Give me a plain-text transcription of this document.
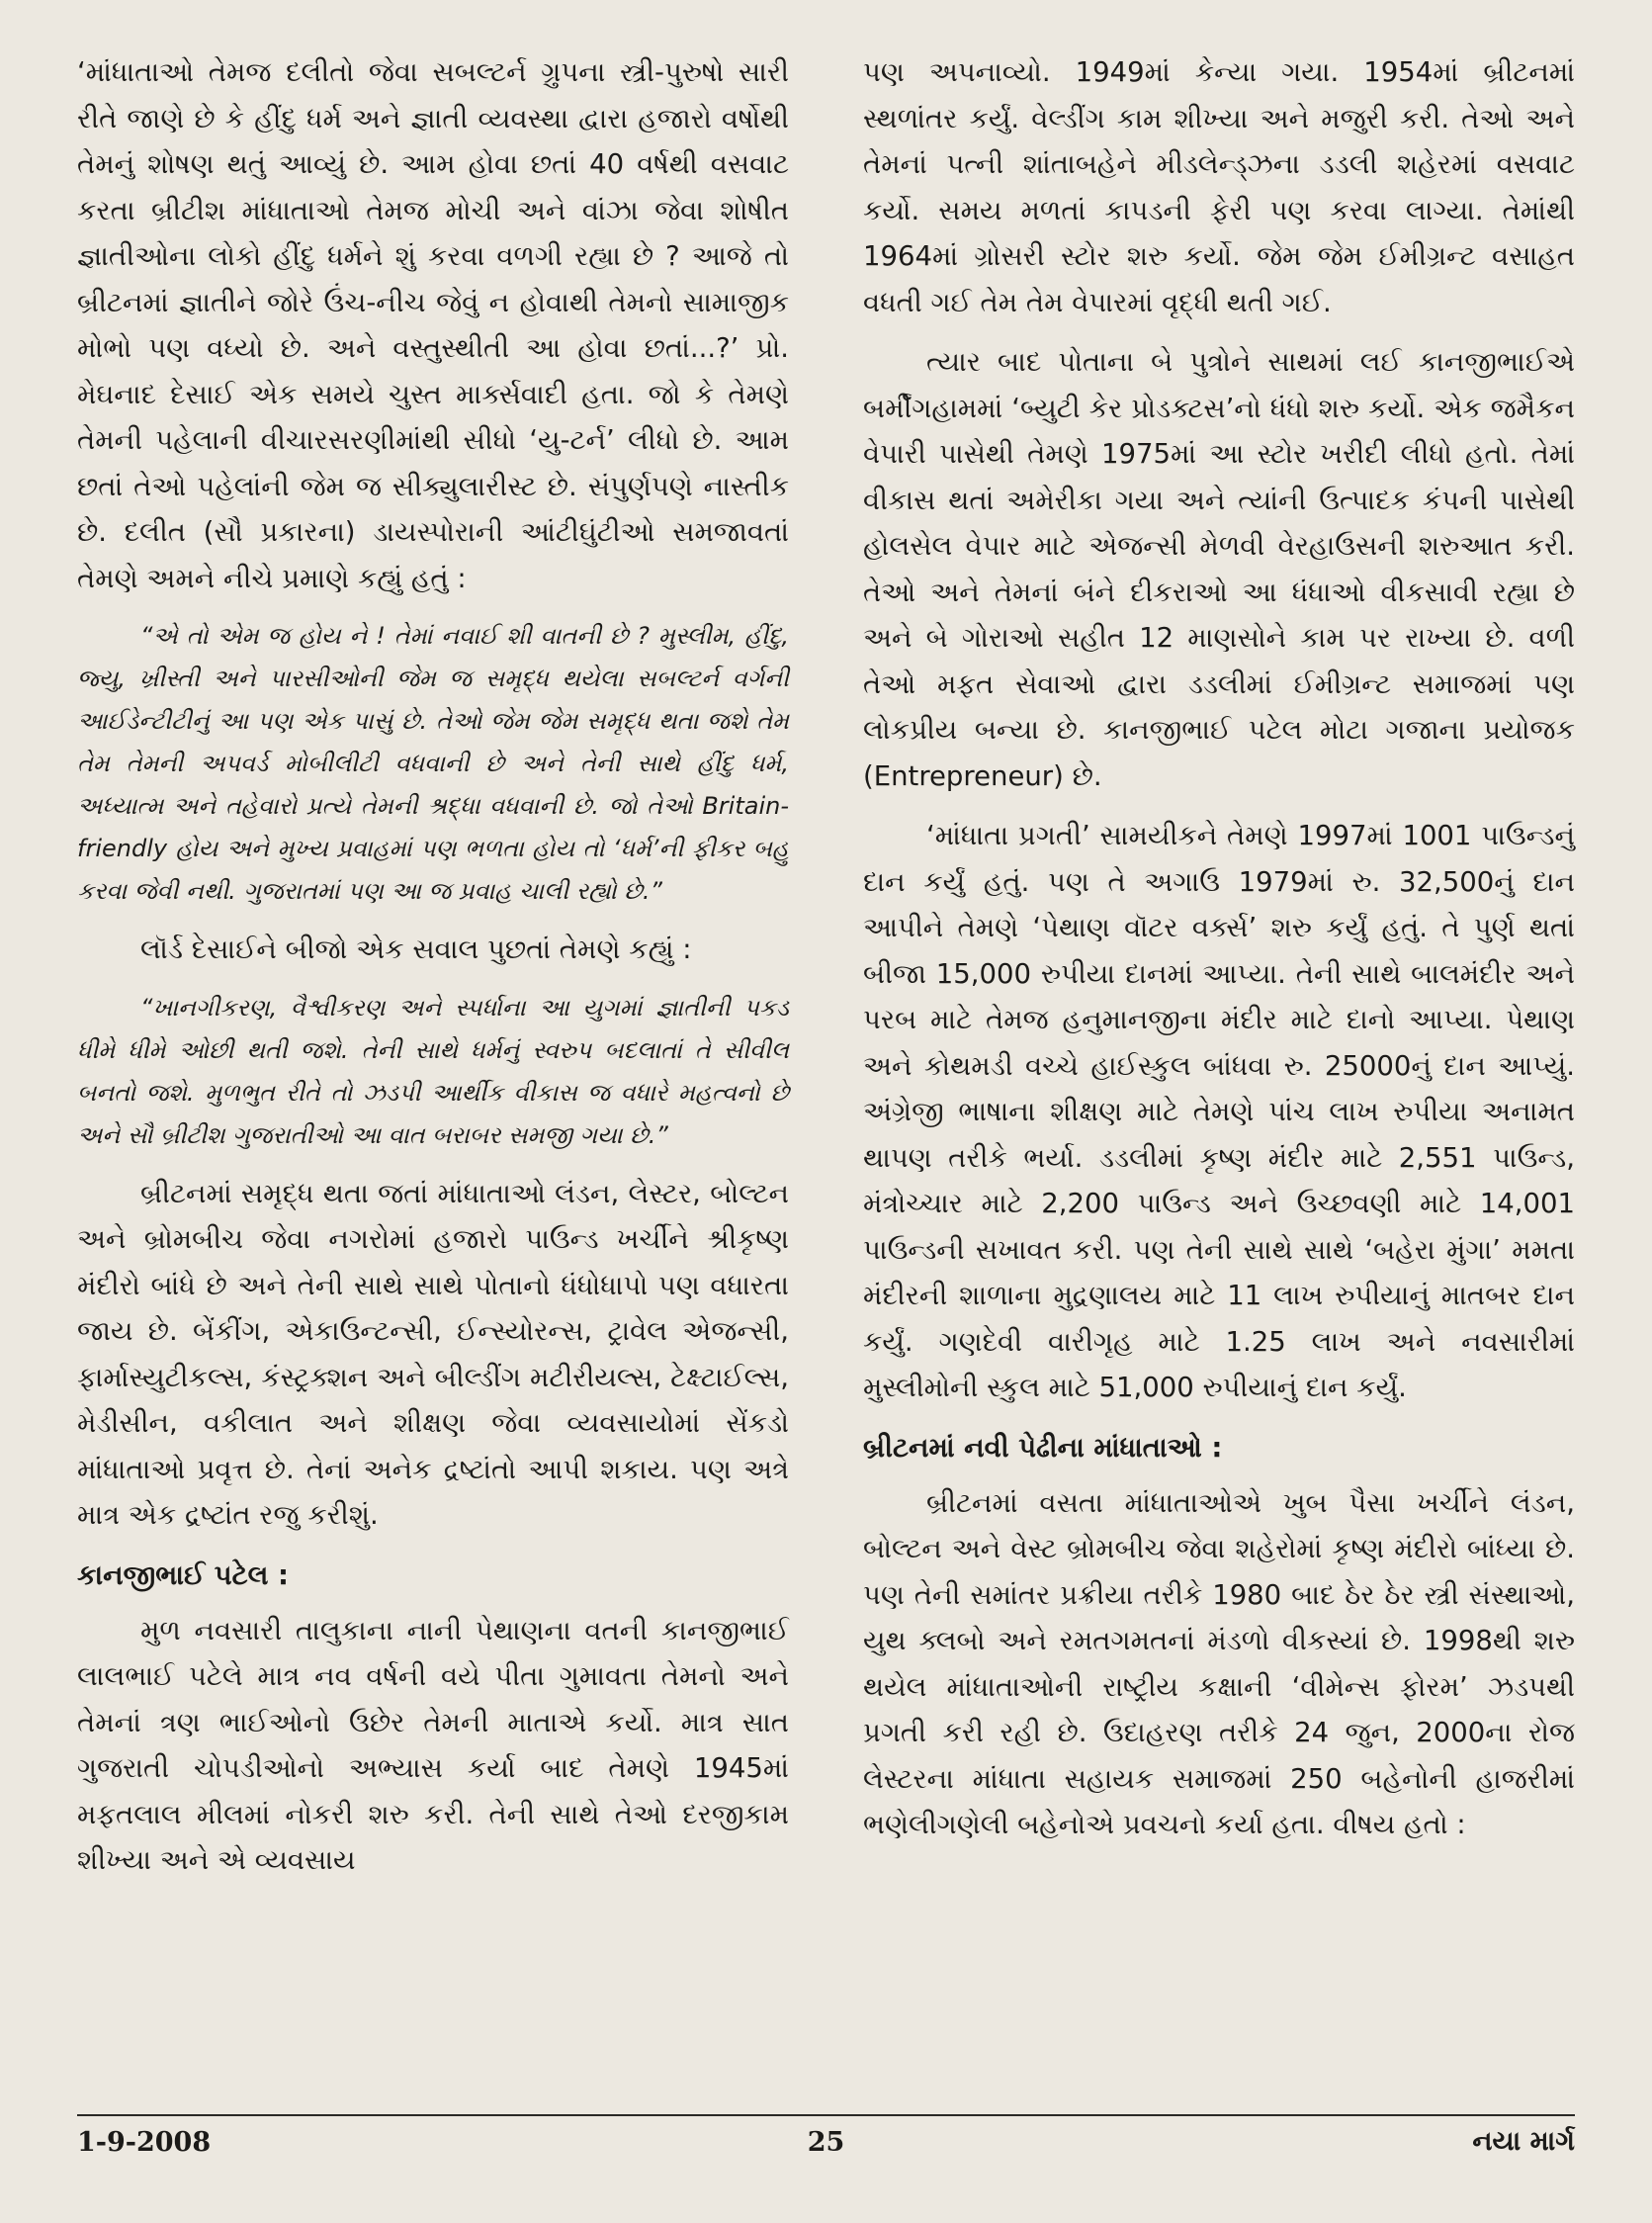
‘માંધાતાઓ તેમજ દલીતો જેવા સબલ્ટર્ન ગ્રુપના સ્ત્રી-પુરુષો સારી રીતે જાણે છે કે હીંદુ ધર્મ અને જ્ઞાતી વ્યવસ્થા દ્વારા હજારો વર્ષોથી તેમનું શોષણ થતું આવ્યું છે. આમ હોવા છતાં 40 વર્ષથી વસવાટ કરતા બ્રીટીશ માંધાતાઓ તેમજ મોચી અને વાંઝા જેવા શોષીત જ્ઞાતીઓના લોકો હીંદુ ધર્મને શું કરવા વળગી રહ્યા છે ? આજે તો બ્રીટનમાં જ્ઞાતીને જોરે ઉંચ-નીચ જેવું ન હોવાથી તેમનો સામાજીક મોભો પણ વધ્યો છે. અને વસ્તુસ્થીતી આ હોવા છતાં...?’ પ્રો. મેઘનાદ દેસાઈ એક સમયે ચુસ્ત માર્ક્સવાદી હતા. જો કે તેમણે તેમની પહેલાની વીચારસરણીમાંથી સીધો ‘યુ-ટર્ન’ લીધો છે. આમ છતાં તેઓ પહેલાંની જેમ જ સીક્યુલારીસ્ટ છે. સંપુર્ણપણે નાસ્તીક છે. દલીત (સૌ પ્રકારના) ડાયસ્પોરાની આંટીઘુંટીઓ સમજાવતાં તેમણે અમને નીચે પ્રમાણે કહ્યું હતું :

“એ તો એમ જ હોય ને ! તેમાં નવાઈ શી વાતની છે ? મુસ્લીમ, હીંદુ, જ્યુ, ખ્રીસ્તી અને પારસીઓની જેમ જ સમૃદ્ધ થયેલા સબલ્ટર્ન વર્ગની આઈડેન્ટીટીનું આ પણ એક પાસું છે. તેઓ જેમ જેમ સમૃદ્ધ થતા જશે તેમ તેમ તેમની અપવર્ડ મોબીલીટી વધવાની છે અને તેની સાથે હીંદુ ધર્મ, અધ્યાત્મ અને તહેવારો પ્રત્યે તેમની શ્રદ્ધા વધવાની છે. જો તેઓ Britain- friendly હોય અને મુખ્ય પ્રવાહમાં પણ ભળતા હોય તો ‘ધર્મ’ની ફીકર બહુ કરવા જેવી નથી. ગુજરાતમાં પણ આ જ પ્રવાહ ચાલી રહ્યો છે.”

લૉર્ડ દેસાઈને બીજો એક સવાલ પુછતાં તેમણે કહ્યું :

“ખાનગીકરણ, વૈશ્વીકરણ અને સ્પર્ધાના આ યુગમાં જ્ઞાતીની પકડ ધીમે ધીમે ઓછી થતી જશે. તેની સાથે ધર્મનું સ્વરુપ બદલાતાં તે સીવીલ બનતો જશે. મુળભુત રીતે તો ઝડપી આર્થીક વીકાસ જ વધારે મહત્વનો છે અને સૌ બ્રીટીશ ગુજરાતીઓ આ વાત બરાબર સમજી ગયા છે.”

બ્રીટનમાં સમૃદ્ધ થતા જતાં માંધાતાઓ લંડન, લેસ્ટર, બોલ્ટન અને બ્રોમબીચ જેવા નગરોમાં હજારો પાઉન્ડ ખર્ચીને શ્રીકૃષ્ણ મંદીરો બાંધે છે અને તેની સાથે સાથે પોતાનો ધંધોધાપો પણ વધારતા જાય છે. બેંકીંગ, એકાઉન્ટન્સી, ઈન્સ્યોરન્સ, ટ્રાવેલ એજન્સી, ફાર્માસ્યુટીકલ્સ, કંસ્ટ્રક્શન અને બીલ્ડીંગ મટીરીયલ્સ, ટેક્ષ્ટાઈલ્સ, મેડીસીન, વકીલાત અને શીક્ષણ જેવા વ્યવસાયોમાં સેંકડો માંધાતાઓ પ્રવૃત્ત છે. તેનાં અનેક દ્રષ્ટાંતો આપી શકાય. પણ અત્રે માત્ર એક દ્રષ્ટાંત રજુ કરીશું.

કાનજીભાઈ પટેલ :

મુળ નવસારી તાલુકાના નાની પેથાણના વતની કાનજીભાઈ લાલભાઈ પટેલે માત્ર નવ વર્ષની વયે પીતા ગુમાવતા તેમનો અને તેમનાં ત્રણ ભાઈઓનો ઉછેર તેમની માતાએ કર્યો. માત્ર સાત ગુજરાતી ચોપડીઓનો અભ્યાસ કર્યા બાદ તેમણે 1945માં મફતલાલ મીલમાં નોકરી શરુ કરી. તેની સાથે તેઓ દરજીકામ શીખ્યા અને એ વ્યવસાય

પણ અપનાવ્યો. 1949માં કેન્યા ગયા. 1954માં બ્રીટનમાં સ્થળાંતર કર્યું. વેલ્ડીંગ કામ શીખ્યા અને મજુરી કરી. તેઓ અને તેમનાં પત્ની શાંતાબહેને મીડલેન્ડ્ઝના ડડલી શહેરમાં વસવાટ કર્યો. સમય મળતાં કાપડની ફેરી પણ કરવા લાગ્યા. તેમાંથી 1964માં ગ્રોસરી સ્ટોર શરુ કર્યો. જેમ જેમ ઈમીગ્રન્ટ વસાહત વધતી ગઈ તેમ તેમ વેપારમાં વૃદ્ધી થતી ગઈ.

ત્યાર બાદ પોતાના બે પુત્રોને સાથમાં લઈ કાનજીભાઈએ બર્મીંગહામમાં ‘બ્યુટી કેર પ્રોડક્ટસ’નો ધંધો શરુ કર્યો. એક જમૈકન વેપારી પાસેથી તેમણે 1975માં આ સ્ટોર ખરીદી લીધો હતો. તેમાં વીકાસ થતાં અમેરીકા ગયા અને ત્યાંની ઉત્પાદક કંપની પાસેથી હોલસેલ વેપાર માટે એજન્સી મેળવી વેરહાઉસની શરુઆત કરી. તેઓ અને તેમનાં બંને દીકરાઓ આ ધંધાઓ વીકસાવી રહ્યા છે અને બે ગોરાઓ સહીત 12 માણસોને કામ પર રાખ્યા છે. વળી તેઓ મફત સેવાઓ દ્વારા ડડલીમાં ઈમીગ્રન્ટ સમાજમાં પણ લોકપ્રીય બન્યા છે. કાનજીભાઈ પટેલ મોટા ગજાના પ્રયોજક (Entrepreneur) છે.

‘માંધાતા પ્રગતી’ સામયીકને તેમણે 1997માં 1001 પાઉન્ડનું દાન કર્યું હતું. પણ તે અગાઉ 1979માં રુ. 32,500નું દાન આપીને તેમણે ‘પેથાણ વૉટર વર્ક્સ’ શરુ કર્યું હતું. તે પુર્ણ થતાં બીજા 15,000 રુપીયા દાનમાં આપ્યા. તેની સાથે બાલમંદીર અને પરબ માટે તેમજ હનુમાનજીના મંદીર માટે દાનો આપ્યા. પેથાણ અને કોથમડી વચ્ચે હાઈસ્કુલ બાંધવા રુ. 25000નું દાન આપ્યું. અંગ્રેજી ભાષાના શીક્ષણ માટે તેમણે પાંચ લાખ રુપીયા અનામત થાપણ તરીકે ભર્યા. ડડલીમાં કૃષ્ણ મંદીર માટે 2,551 પાઉન્ડ, મંત્રોચ્ચાર માટે 2,200 પાઉન્ડ અને ઉચ્છવણી માટે 14,001 પાઉન્ડની સખાવત કરી. પણ તેની સાથે સાથે ‘બહેરા મુંગા’ મમતા મંદીરની શાળાના મુદ્રણાલય માટે 11 લાખ રુપીયાનું માતબર દાન કર્યું. ગણદેવી વારીગૃહ માટે 1.25 લાખ અને નવસારીમાં મુસ્લીમોની સ્કુલ માટે 51,000 રુપીયાનું દાન કર્યું.

બ્રીટનમાં નવી પેઢીના માંધાતાઓ :

બ્રીટનમાં વસતા માંધાતાઓએ ખુબ પૈસા ખર્ચીને લંડન, બોલ્ટન અને વેસ્ટ બ્રોમબીચ જેવા શહેરોમાં કૃષ્ણ મંદીરો બાંધ્યા છે. પણ તેની સમાંતર પ્રક્રીયા તરીકે 1980 બાદ ઠેર ઠેર સ્ત્રી સંસ્થાઓ, યુથ ક્લબો અને રમતગમતનાં મંડળો વીકસ્યાં છે. 1998થી શરુ થયેલ માંધાતાઓની રાષ્ટ્રીય કક્ષાની ‘વીમેન્સ ફોરમ’ ઝડપથી પ્રગતી કરી રહી છે. ઉદાહરણ તરીકે 24 જુન, 2000ના રોજ લેસ્ટરના માંધાતા સહાયક સમાજમાં 250 બહેનોની હાજરીમાં ભણેલીગણેલી બહેનોએ પ્રવચનો કર્યા હતા. વીષય હતો :

1-9-2008	25	નયા માર્ગ
